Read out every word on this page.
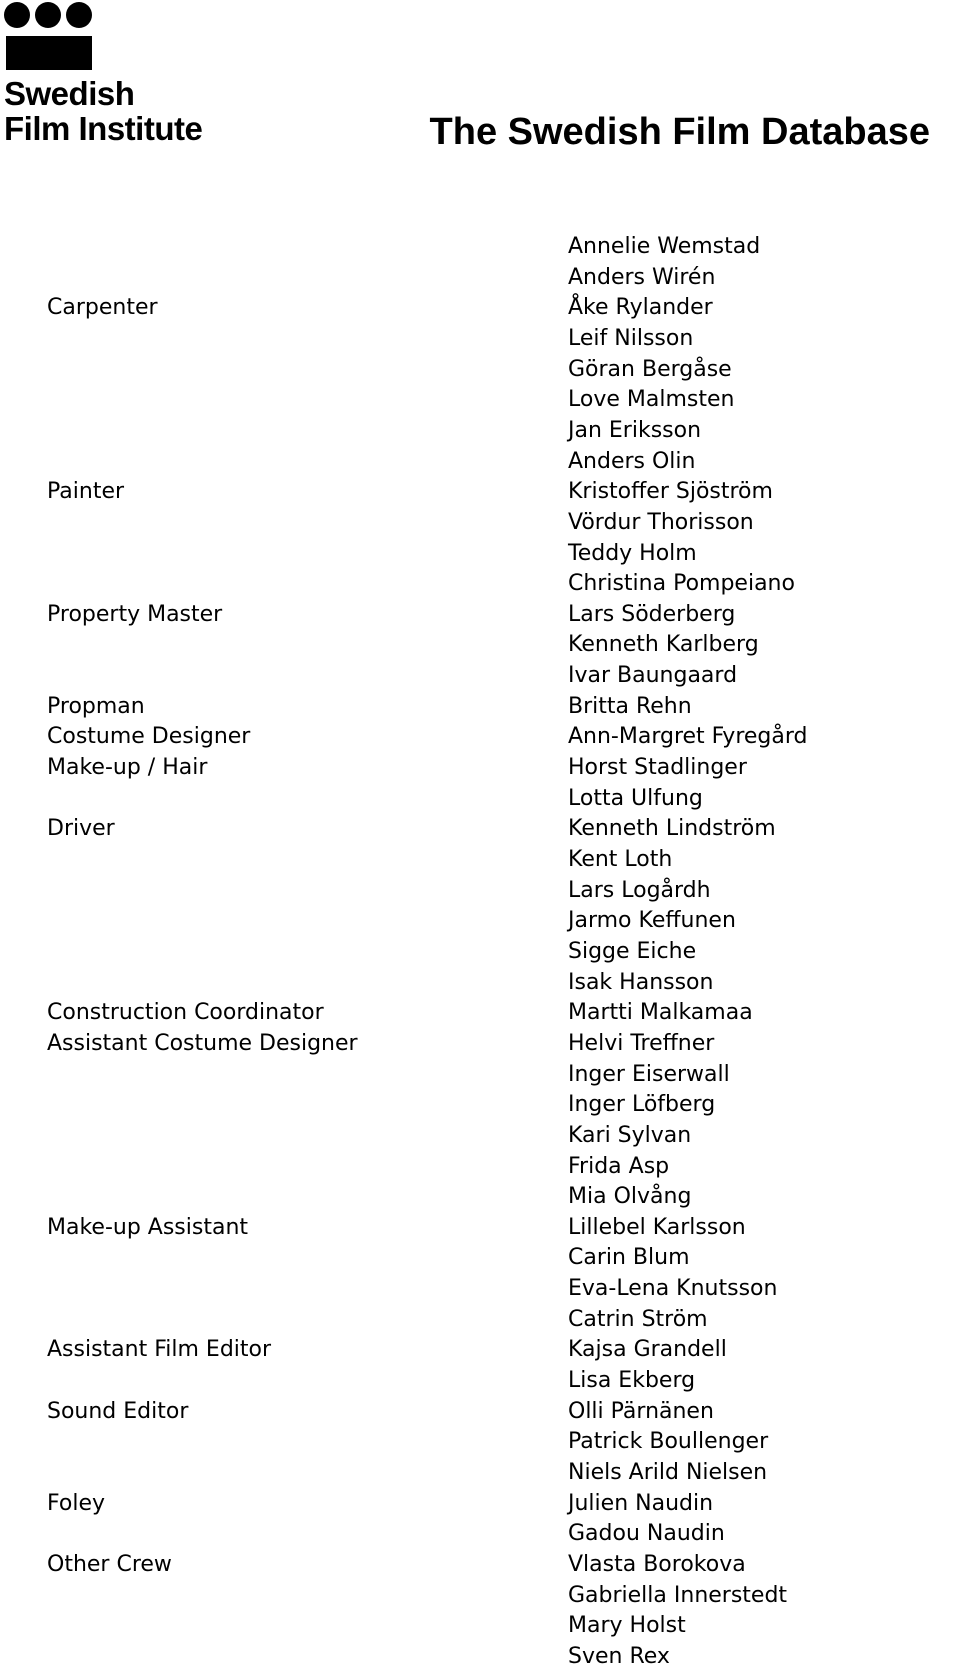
Swedish
Film Institute	The Swedish Film Database
Annelie Wemstad
Anders Wirén
Carpenter	Åke Rylander
Leif Nilsson
Göran Bergåse
Love Malmsten
Jan Eriksson
Anders Olin
Painter	Kristoffer Sjöström
Vördur Thorisson
Teddy Holm
Christina Pompeiano
Property Master	Lars Söderberg
Kenneth Karlberg
Ivar Baungaard
Propman	Britta Rehn
Costume Designer	Ann-Margret Fyregård
Make-up / Hair	Horst Stadlinger
Lotta Ulfung
Driver	Kenneth Lindström
Kent Loth
Lars Logårdh
Jarmo Keffunen
Sigge Eiche
Isak Hansson
Construction Coordinator	Martti Malkamaa
Assistant Costume Designer	Helvi Treffner
Inger Eiserwall
Inger Löfberg
Kari Sylvan
Frida Asp
Mia Olvång
Make-up Assistant	Lillebel Karlsson
Carin Blum
Eva-Lena Knutsson
Catrin Ström
Assistant Film Editor	Kajsa Grandell
Lisa Ekberg
Sound Editor	Olli Pärnänen
Patrick Boullenger
Niels Arild Nielsen
Foley	Julien Naudin
Gadou Naudin
Other Crew	Vlasta Borokova
Gabriella Innerstedt
Mary Holst
Sven Rex
